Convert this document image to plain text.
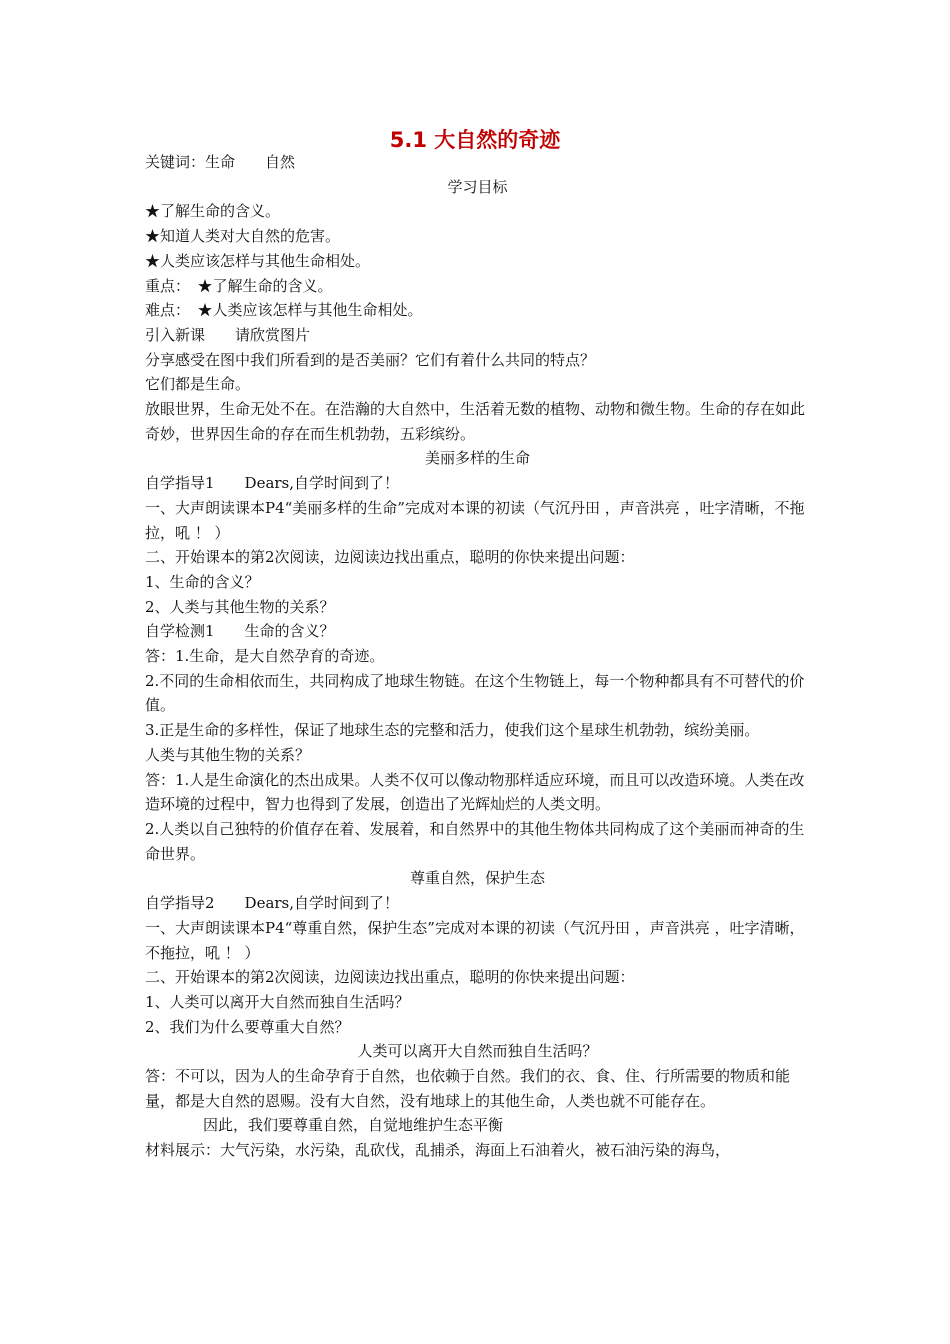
5.1 大自然的奇迹

关键词：生命　　自然

学习目标

★了解生命的含义。

★知道人类对大自然的危害。

★人类应该怎样与其他生命相处。

重点：　★了解生命的含义。

难点：　★人类应该怎样与其他生命相处。

引入新课　　请欣赏图片

分享感受在图中我们所看到的是否美丽？它们有着什么共同的特点？

它们都是生命。

放眼世界，生命无处不在。在浩瀚的大自然中，生活着无数的植物、动物和微生物。生命的存在如此奇妙，世界因生命的存在而生机勃勃，五彩缤纷。

美丽多样的生命

自学指导1　　Dears,自学时间到了！

一、大声朗读课本P4“美丽多样的生命”完成对本课的初读（气沉丹田 ，声音洪亮 ，吐字清晰，不拖拉，吼 ！ ）

二、开始课本的第2次阅读，边阅读边找出重点，聪明的你快来提出问题：

1、生命的含义？

2、人类与其他生物的关系？

自学检测1　　生命的含义？

答：1.生命，是大自然孕育的奇迹。

2.不同的生命相依而生，共同构成了地球生物链。在这个生物链上，每一个物种都具有不可替代的价值。

3.正是生命的多样性，保证了地球生态的完整和活力，使我们这个星球生机勃勃，缤纷美丽。

人类与其他生物的关系？

答：1.人是生命演化的杰出成果。人类不仅可以像动物那样适应环境，而且可以改造环境。人类在改造环境的过程中，智力也得到了发展，创造出了光辉灿烂的人类文明。

2.人类以自己独特的价值存在着、发展着，和自然界中的其他生物体共同构成了这个美丽而神奇的生命世界。

尊重自然，保护生态

自学指导2　　Dears,自学时间到了！

一、大声朗读课本P4“尊重自然，保护生态”完成对本课的初读（气沉丹田 ，声音洪亮 ，吐字清晰，不拖拉，吼 ！ ）

二、开始课本的第2次阅读，边阅读边找出重点，聪明的你快来提出问题：

1、人类可以离开大自然而独自生活吗？

2、我们为什么要尊重大自然？

人类可以离开大自然而独自生活吗？

答：不可以，因为人的生命孕育于自然，也依赖于自然。我们的衣、食、住、行所需要的物质和能量，都是大自然的恩赐。没有大自然，没有地球上的其他生命，人类也就不可能存在。

因此，我们要尊重自然，自觉地维护生态平衡

材料展示：大气污染，水污染，乱砍伐，乱捕杀，海面上石油着火，被石油污染的海鸟，
